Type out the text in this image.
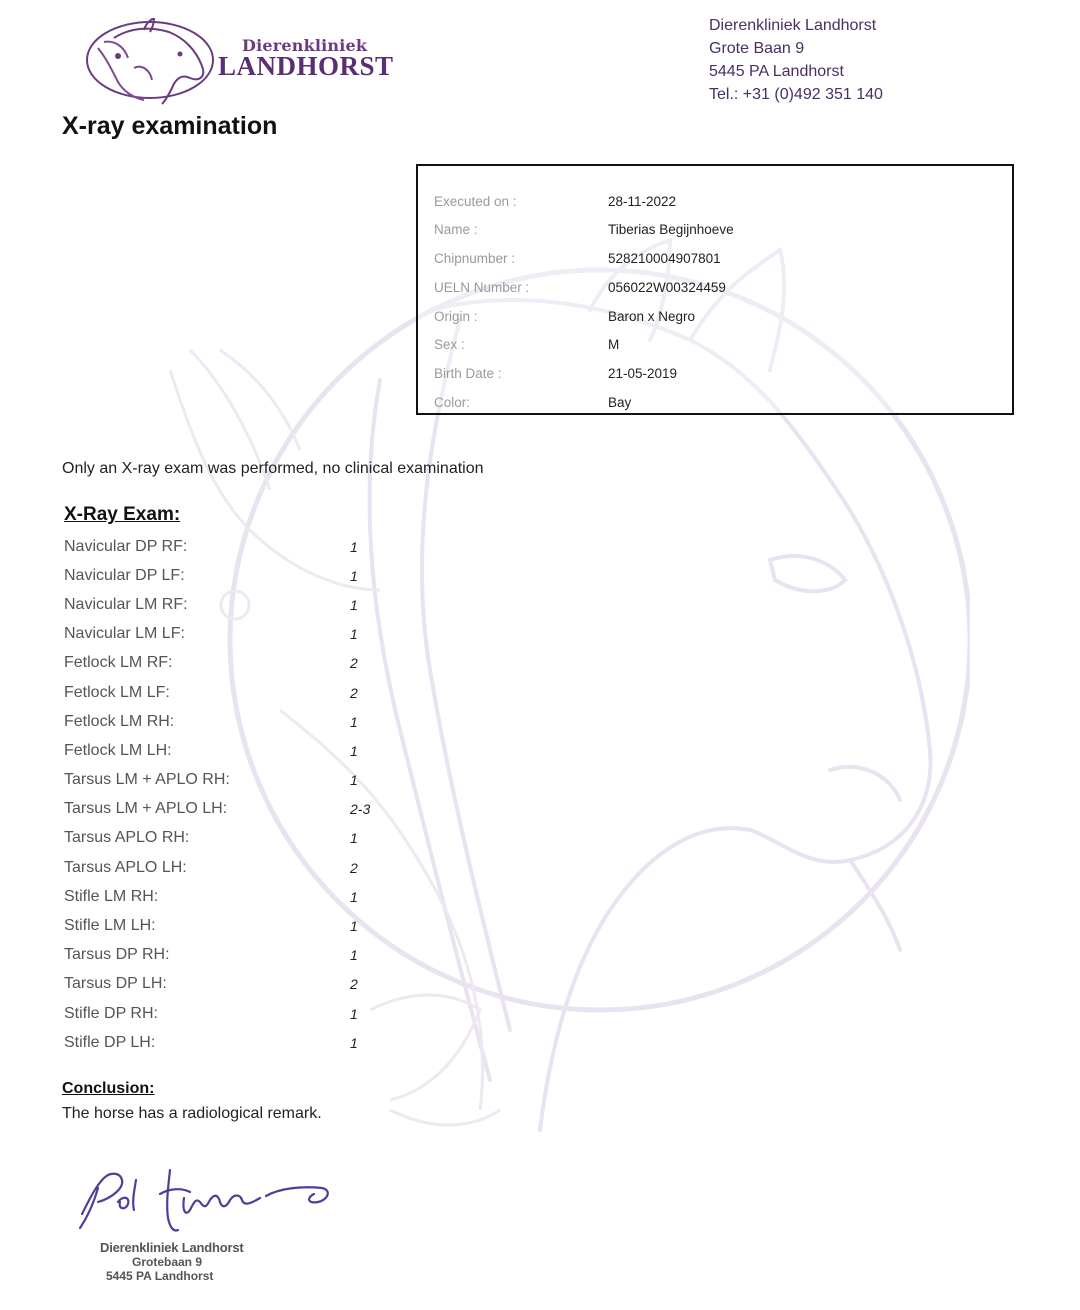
Dierenkliniek
LANDHORST
Dierenkliniek Landhorst
Grote Baan 9
5445 PA Landhorst
Tel.: +31 (0)492 351 140
X-ray examination
Executed on :	28-11-2022
Name :	Tiberias Begijnhoeve
Chipnumber :	528210004907801
UELN Number :	056022W00324459
Origin :	Baron x Negro
Sex :	M
Birth Date :	21-05-2019
Color:	Bay
Only an X-ray exam was performed, no clinical examination
X-Ray Exam:
Navicular DP RF:	1
Navicular DP LF:	1
Navicular LM RF:	1
Navicular LM LF:	1
Fetlock LM RF:	2
Fetlock LM LF:	2
Fetlock LM RH:	1
Fetlock LM LH:	1
Tarsus LM + APLO RH:	1
Tarsus LM + APLO LH:	2-3
Tarsus APLO RH:	1
Tarsus APLO LH:	2
Stifle LM RH:	1
Stifle LM LH:	1
Tarsus DP RH:	1
Tarsus DP LH:	2
Stifle DP RH:	1
Stifle DP LH:	1
Conclusion:
The horse has a radiological remark.
Dierenkliniek Landhorst
Grotebaan 9
5445 PA Landhorst
